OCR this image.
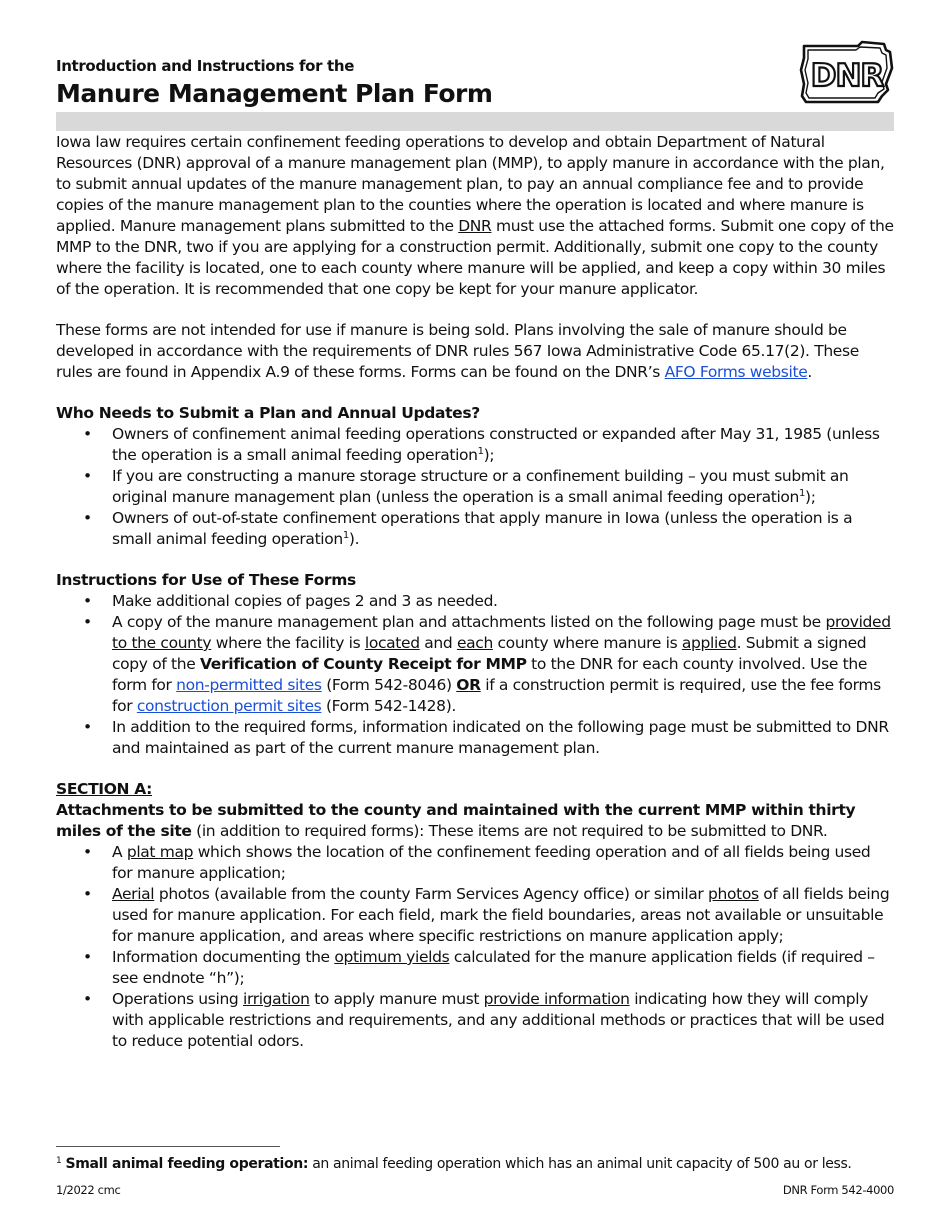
Introduction and Instructions for the
Manure Management Plan Form	DNR

Iowa law requires certain confinement feeding operations to develop and obtain Department of Natural Resources (DNR) approval of a manure management plan (MMP), to apply manure in accordance with the plan, to submit annual updates of the manure management plan, to pay an annual compliance fee and to provide copies of the manure management plan to the counties where the operation is located and where manure is applied. Manure management plans submitted to the DNR must use the attached forms. Submit one copy of the MMP to the DNR, two if you are applying for a construction permit. Additionally, submit one copy to the county where the facility is located, one to each county where manure will be applied, and keep a copy within 30 miles of the operation. It is recommended that one copy be kept for your manure applicator.

These forms are not intended for use if manure is being sold. Plans involving the sale of manure should be developed in accordance with the requirements of DNR rules 567 Iowa Administrative Code 65.17(2). These rules are found in Appendix A.9 of these forms. Forms can be found on the DNR’s AFO Forms website.

Who Needs to Submit a Plan and Annual Updates?
• Owners of confinement animal feeding operations constructed or expanded after May 31, 1985 (unless the operation is a small animal feeding operation$^1$);
• If you are constructing a manure storage structure or a confinement building – you must submit an original manure management plan (unless the operation is a small animal feeding operation$^1$);
• Owners of out-of-state confinement operations that apply manure in Iowa (unless the operation is a small animal feeding operation$^1$).
Instructions for Use of These Forms
• Make additional copies of pages 2 and 3 as needed.
• A copy of the manure management plan and attachments listed on the following page must be provided to the county where the facility is located and each county where manure is applied. Submit a signed copy of the Verification of County Receipt for MMP to the DNR for each county involved. Use the form for non-permitted sites (Form 542-8046) OR if a construction permit is required, use the fee forms for construction permit sites (Form 542-1428).
• In addition to the required forms, information indicated on the following page must be submitted to DNR and maintained as part of the current manure management plan.
SECTION A:

Attachments to be submitted to the county and maintained with the current MMP within thirty miles of the site (in addition to required forms): These items are not required to be submitted to DNR.

• A plat map which shows the location of the confinement feeding operation and of all fields being used for manure application;
• Aerial photos (available from the county Farm Services Agency office) or similar photos of all fields being used for manure application. For each field, mark the field boundaries, areas not available or unsuitable for manure application, and areas where specific restrictions on manure application apply;
• Information documenting the optimum yields calculated for the manure application fields (if required – see endnote “h”);
• Operations using irrigation to apply manure must provide information indicating how they will comply with applicable restrictions and requirements, and any additional methods or practices that will be used to reduce potential odors.
$^1$ Small animal feeding operation: an animal feeding operation which has an animal unit capacity of 500 au or less.
1/2022 cmc	DNR Form 542-4000
